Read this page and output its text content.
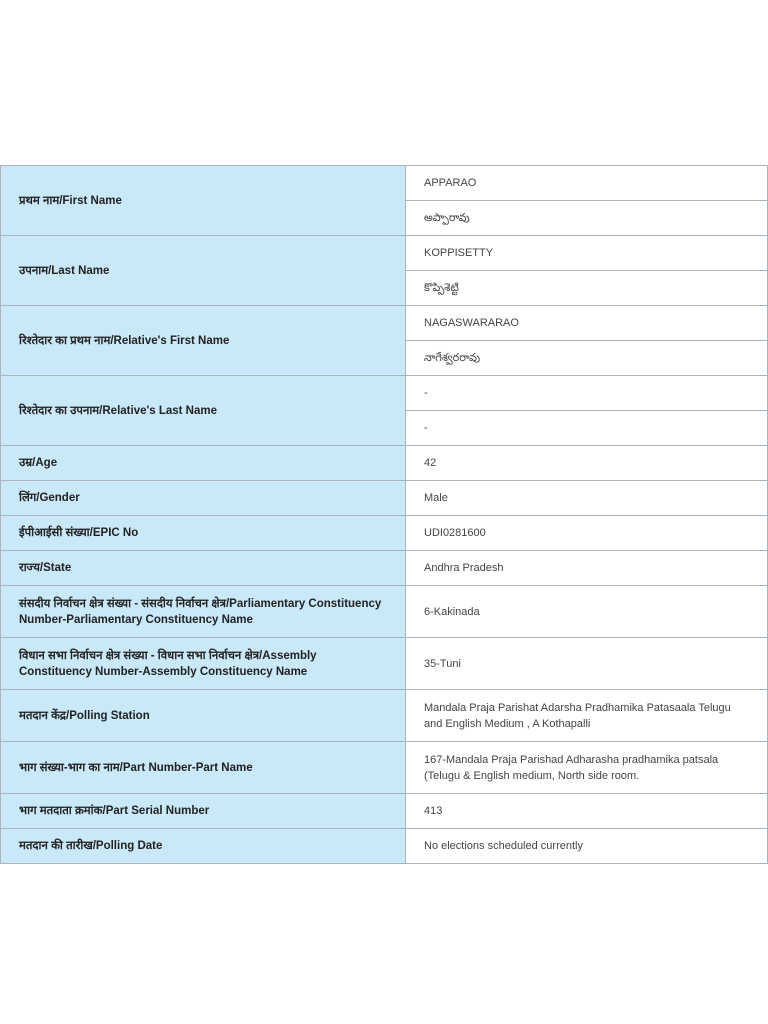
प्रथम नाम/First Name	APPARAO
	అప్పారావు
उपनाम/Last Name	KOPPISETTY
	కొప్పిశెట్టి
रिश्तेदार का प्रथम नाम/Relative's First Name	NAGASWARARAO
	నాగేశ్వరరావు
रिश्तेदार का उपनाम/Relative's Last Name	-
	-
उम्र/Age	42
लिंग/Gender	Male
ईपीआईसी संख्या/EPIC No	UDI0281600
राज्य/State	Andhra Pradesh
संसदीय निर्वाचन क्षेत्र संख्या - संसदीय निर्वाचन क्षेत्र/Parliamentary Constituency Number-Parliamentary Constituency Name	6-Kakinada
विधान सभा निर्वाचन क्षेत्र संख्या - विधान सभा निर्वाचन क्षेत्र/Assembly Constituency Number-Assembly Constituency Name	35-Tuni
मतदान केंद्र/Polling Station	Mandala Praja Parishat Adarsha Pradhamika Patasaala Telugu and English Medium , A Kothapalli
भाग संख्या-भाग का नाम/Part Number-Part Name	167-Mandala Praja Parishad Adharasha pradhamika patsala (Telugu & English medium, North side room.
भाग मतदाता क्रमांक/Part Serial Number	413
मतदान की तारीख/Polling Date	No elections scheduled currently
